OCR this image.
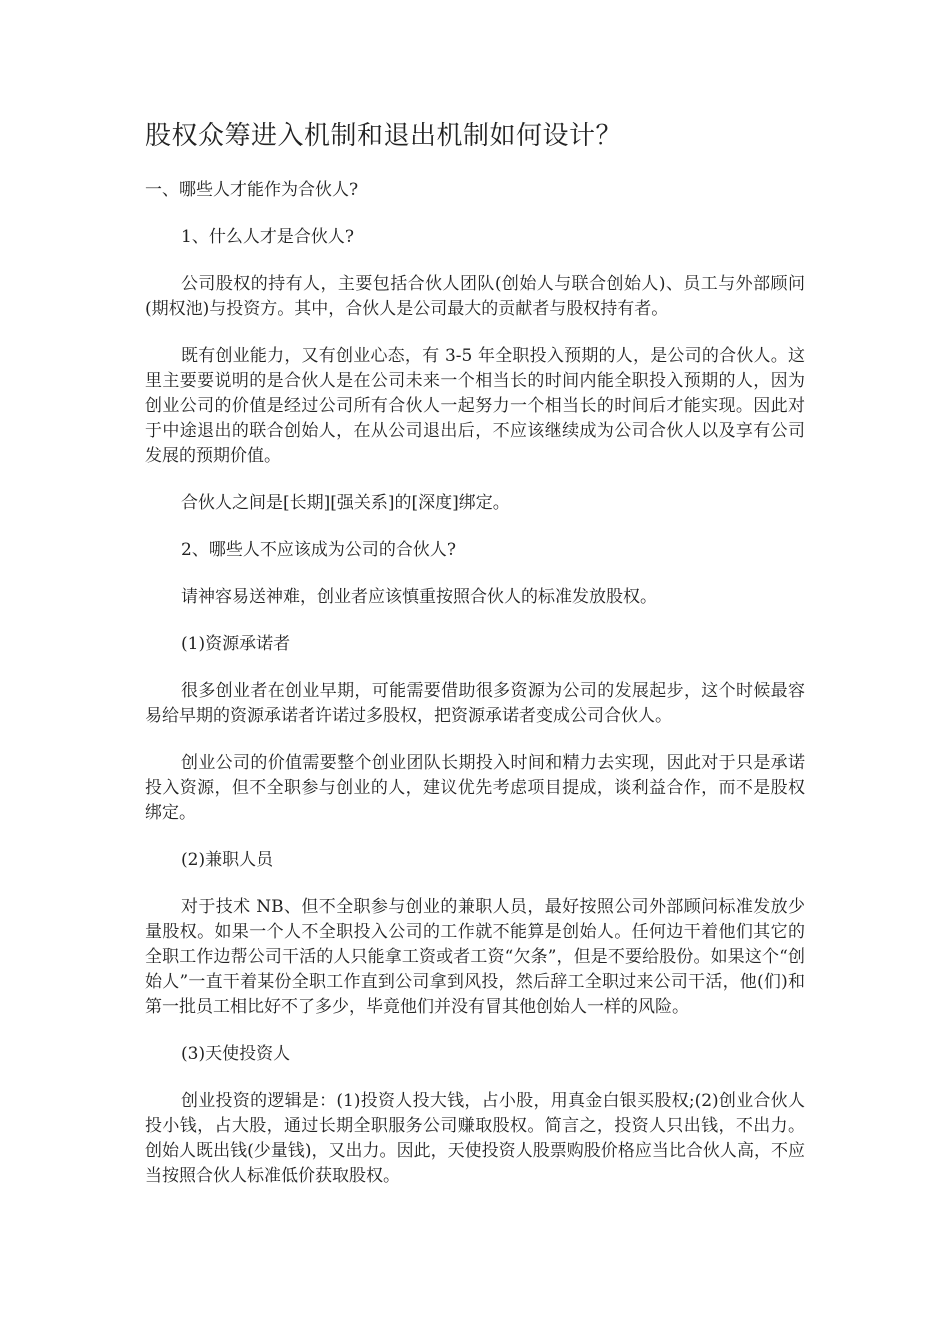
股权众筹进入机制和退出机制如何设计？
一、哪些人才能作为合伙人?
1、什么人才是合伙人?
公司股权的持有人，主要包括合伙人团队(创始人与联合创始人)、员工与外部顾问(期权池)与投资方。其中，合伙人是公司最大的贡献者与股权持有者。
既有创业能力，又有创业心态，有 3-5 年全职投入预期的人，是公司的合伙人。这里主要要说明的是合伙人是在公司未来一个相当长的时间内能全职投入预期的人，因为创业公司的价值是经过公司所有合伙人一起努力一个相当长的时间后才能实现。因此对于中途退出的联合创始人，在从公司退出后，不应该继续成为公司合伙人以及享有公司发展的预期价值。
合伙人之间是[长期][强关系]的[深度]绑定。
2、哪些人不应该成为公司的合伙人?
请神容易送神难，创业者应该慎重按照合伙人的标准发放股权。
(1)资源承诺者
很多创业者在创业早期，可能需要借助很多资源为公司的发展起步，这个时候最容易给早期的资源承诺者许诺过多股权，把资源承诺者变成公司合伙人。
创业公司的价值需要整个创业团队长期投入时间和精力去实现，因此对于只是承诺投入资源，但不全职参与创业的人，建议优先考虑项目提成，谈利益合作，而不是股权绑定。
(2)兼职人员
对于技术 NB、但不全职参与创业的兼职人员，最好按照公司外部顾问标准发放少量股权。如果一个人不全职投入公司的工作就不能算是创始人。任何边干着他们其它的全职工作边帮公司干活的人只能拿工资或者工资“欠条”，但是不要给股份。如果这个“创始人”一直干着某份全职工作直到公司拿到风投，然后辞工全职过来公司干活，他(们)和第一批员工相比好不了多少，毕竟他们并没有冒其他创始人一样的风险。
(3)天使投资人
创业投资的逻辑是：(1)投资人投大钱，占小股，用真金白银买股权;(2)创业合伙人投小钱，占大股，通过长期全职服务公司赚取股权。简言之，投资人只出钱，不出力。创始人既出钱(少量钱)，又出力。因此，天使投资人股票购股价格应当比合伙人高，不应当按照合伙人标准低价获取股权。
